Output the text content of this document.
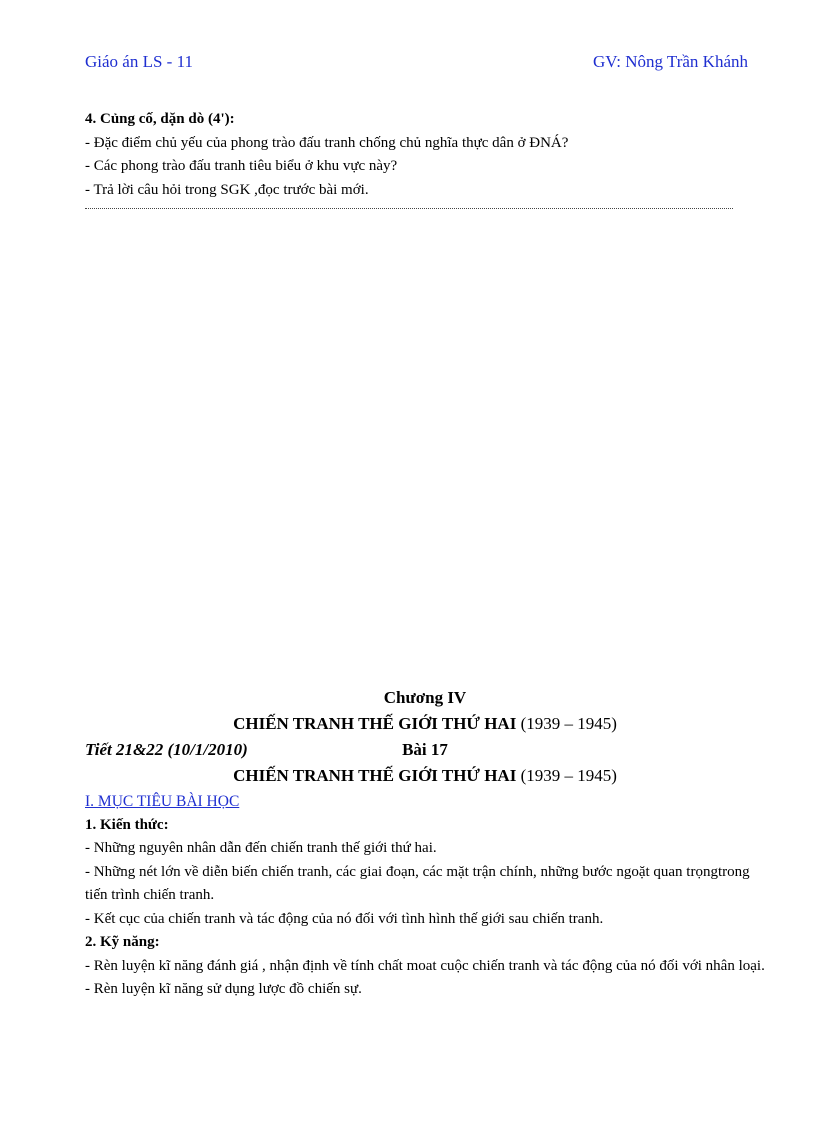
Giáo án LS - 11	GV: Nông Trần Khánh

4. Củng cố, dặn dò (4'):

- Đặc điểm chủ yếu của phong trào đấu tranh chống chủ nghĩa thực dân ở ĐNÁ?

- Các phong trào đấu tranh tiêu biểu ở khu vực này?

- Trả lời câu hỏi trong SGK ,đọc trước bài mới.

Chương IV
CHIẾN TRANH THẾ GIỚI THỨ HAI (1939 – 1945)
Bài 17
Tiết 21&22 (10/1/2010)
CHIẾN TRANH THẾ GIỚI THỨ HAI (1939 – 1945)

I. MỤC TIÊU BÀI HỌC

1. Kiến thức:

- Những nguyên nhân dẫn đến chiến tranh thế giới thứ hai.

- Những nét lớn về diễn biến chiến tranh, các giai đoạn, các mặt trận chính, những bước ngoặt quan trọngtrong tiến trình chiến tranh.

- Kết cục của chiến tranh và tác động của nó đối với tình hình thế giới sau chiến tranh.

2. Kỹ năng:

- Rèn luyện kĩ năng đánh giá , nhận định về tính chất moat cuộc chiến tranh và tác động của nó đối với nhân loại.

- Rèn luyện kĩ năng sử dụng lược đồ chiến sự.
